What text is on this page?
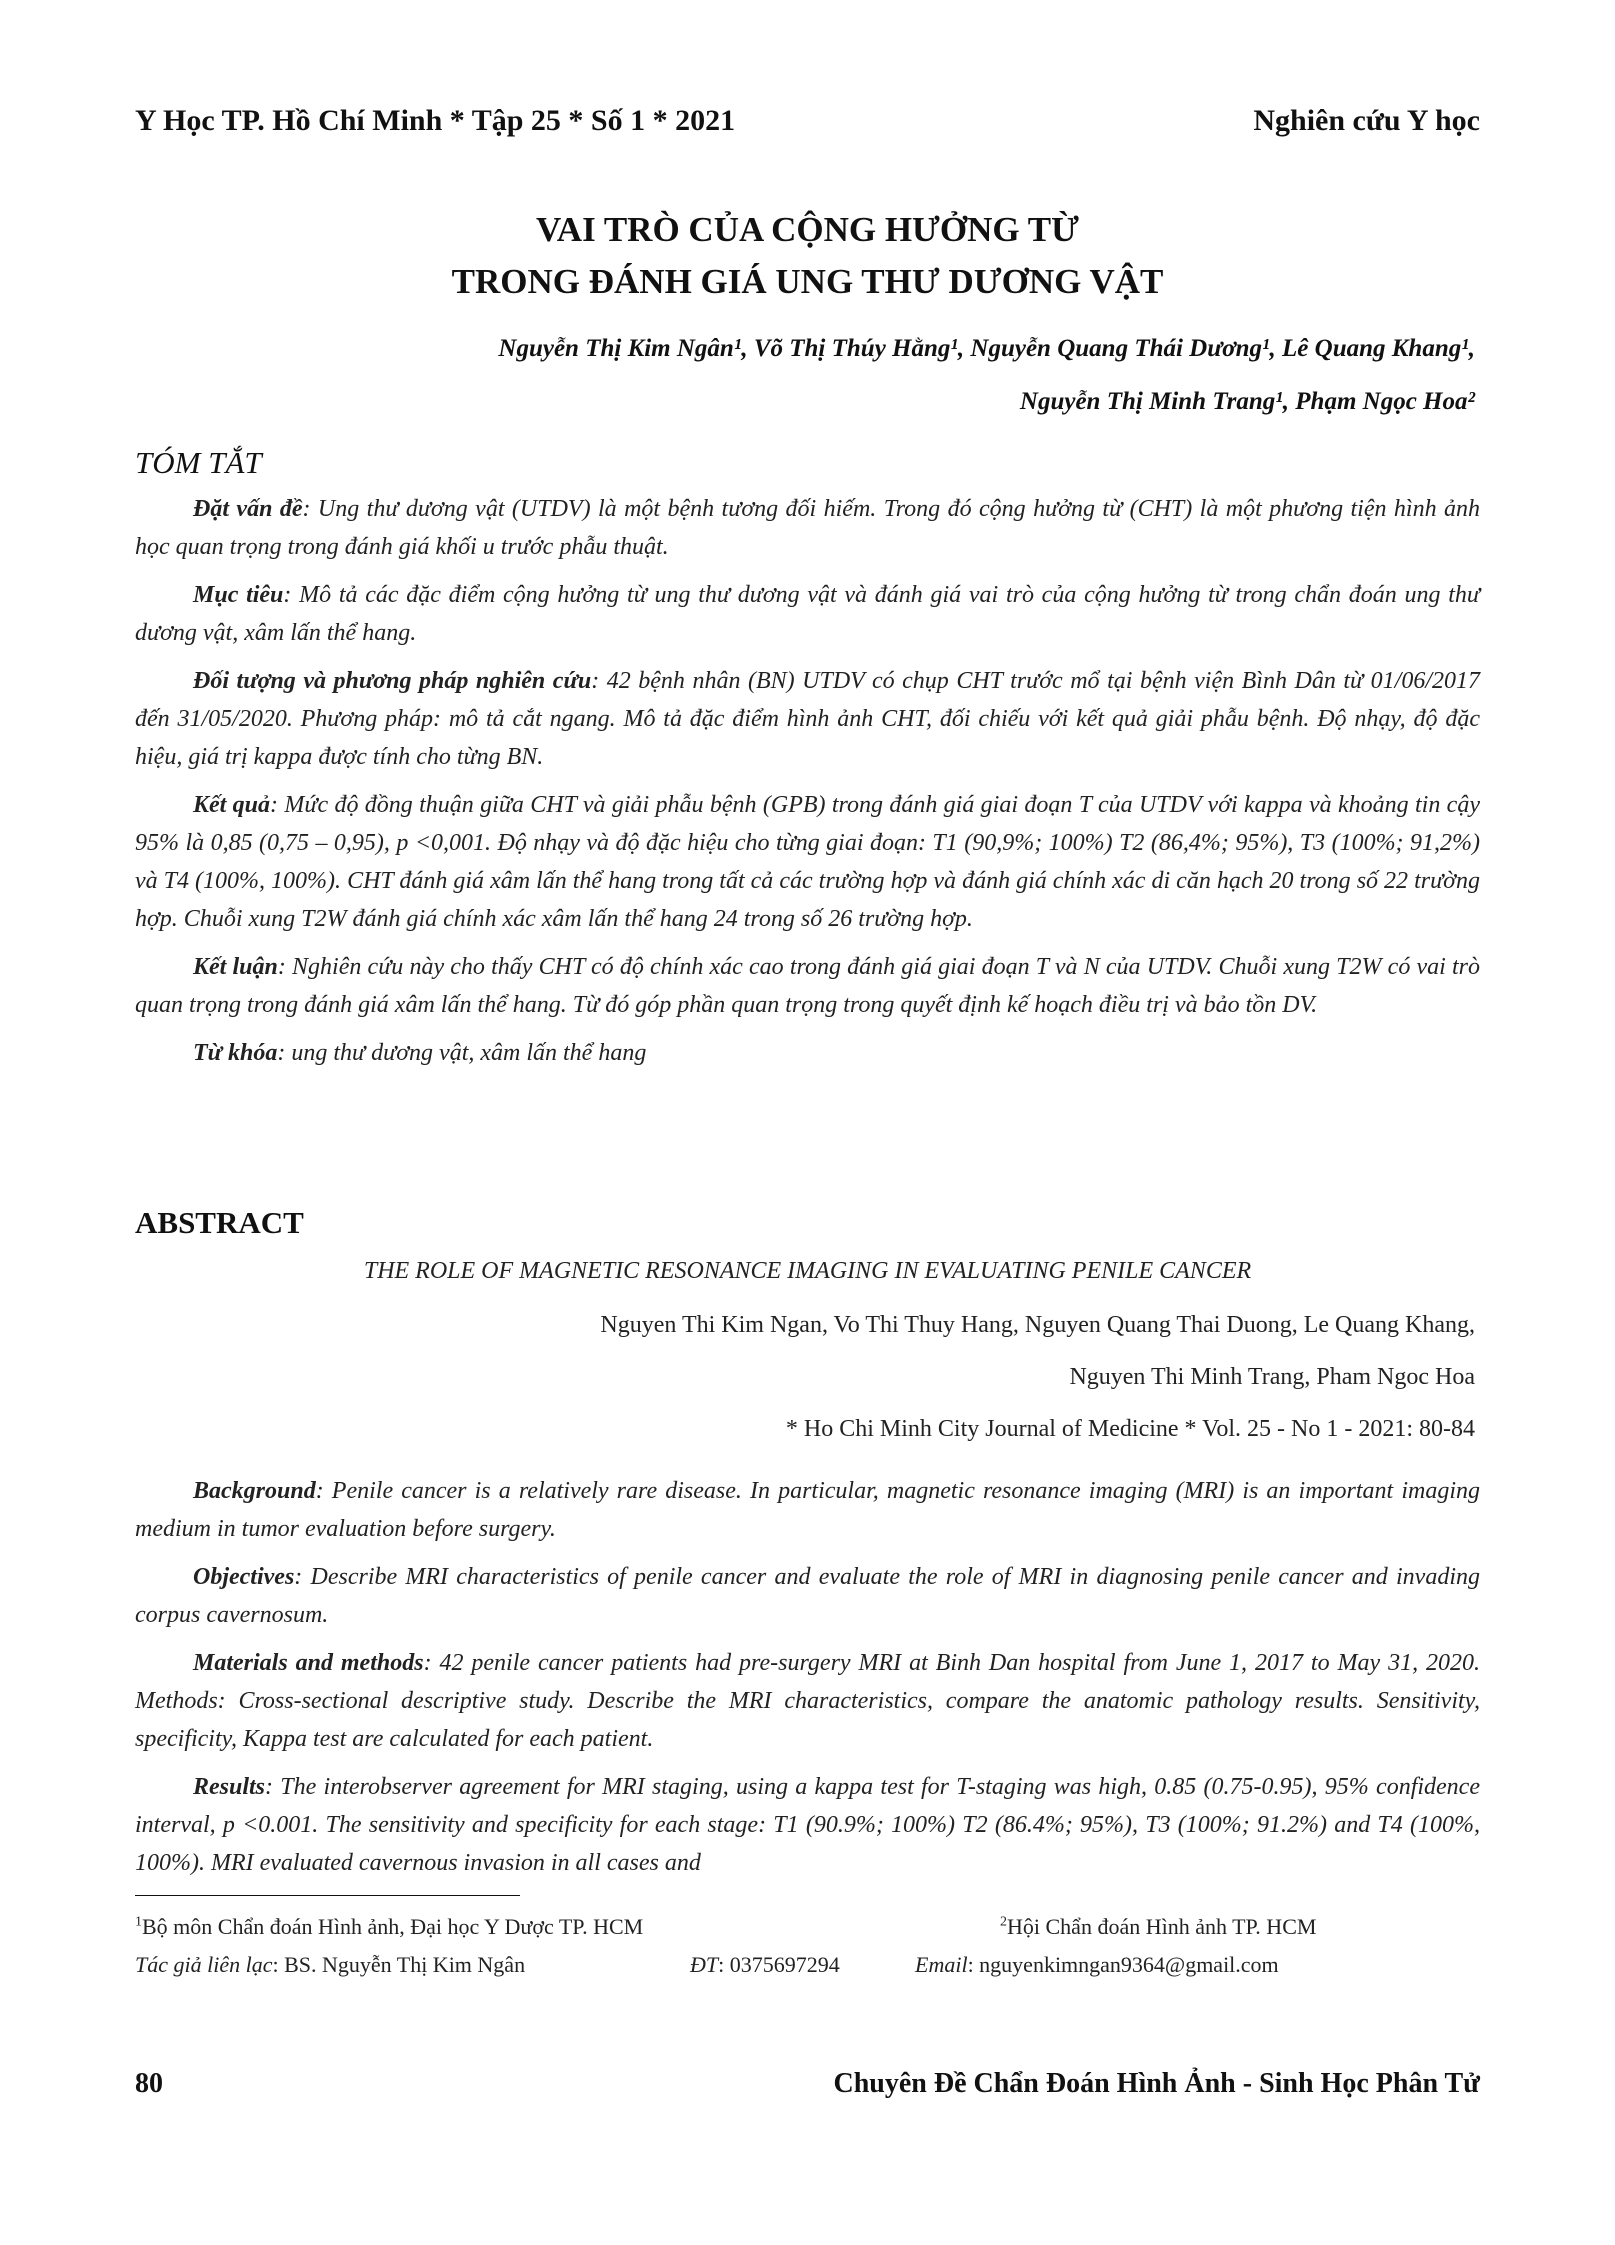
Y Học TP. Hồ Chí Minh * Tập 25 * Số 1 * 2021	Nghiên cứu Y học
VAI TRÒ CỦA CỘNG HƯỞNG TỪ
TRONG ĐÁNH GIÁ UNG THƯ DƯƠNG VẬT
Nguyễn Thị Kim Ngân¹, Võ Thị Thúy Hằng¹, Nguyễn Quang Thái Dương¹, Lê Quang Khang¹,
Nguyễn Thị Minh Trang¹, Phạm Ngọc Hoa²
TÓM TẮT

Đặt vấn đề: Ung thư dương vật (UTDV) là một bệnh tương đối hiếm. Trong đó cộng hưởng từ (CHT) là một phương tiện hình ảnh học quan trọng trong đánh giá khối u trước phẫu thuật.

Mục tiêu: Mô tả các đặc điểm cộng hưởng từ ung thư dương vật và đánh giá vai trò của cộng hưởng từ trong chẩn đoán ung thư dương vật, xâm lấn thể hang.

Đối tượng và phương pháp nghiên cứu: 42 bệnh nhân (BN) UTDV có chụp CHT trước mổ tại bệnh viện Bình Dân từ 01/06/2017 đến 31/05/2020. Phương pháp: mô tả cắt ngang. Mô tả đặc điểm hình ảnh CHT, đối chiếu với kết quả giải phẫu bệnh. Độ nhạy, độ đặc hiệu, giá trị kappa được tính cho từng BN.

Kết quả: Mức độ đồng thuận giữa CHT và giải phẫu bệnh (GPB) trong đánh giá giai đoạn T của UTDV với kappa và khoảng tin cậy 95% là 0,85 (0,75 – 0,95), p <0,001. Độ nhạy và độ đặc hiệu cho từng giai đoạn: T1 (90,9%; 100%) T2 (86,4%; 95%), T3 (100%; 91,2%) và T4 (100%, 100%). CHT đánh giá xâm lấn thể hang trong tất cả các trường hợp và đánh giá chính xác di căn hạch 20 trong số 22 trường hợp. Chuỗi xung T2W đánh giá chính xác xâm lấn thể hang 24 trong số 26 trường hợp.

Kết luận: Nghiên cứu này cho thấy CHT có độ chính xác cao trong đánh giá giai đoạn T và N của UTDV. Chuỗi xung T2W có vai trò quan trọng trong đánh giá xâm lấn thể hang. Từ đó góp phần quan trọng trong quyết định kế hoạch điều trị và bảo tồn DV.

Từ khóa: ung thư dương vật, xâm lấn thể hang

ABSTRACT
THE ROLE OF MAGNETIC RESONANCE IMAGING IN EVALUATING PENILE CANCER
Nguyen Thi Kim Ngan, Vo Thi Thuy Hang, Nguyen Quang Thai Duong, Le Quang Khang,
Nguyen Thi Minh Trang, Pham Ngoc Hoa
* Ho Chi Minh City Journal of Medicine * Vol. 25 - No 1 - 2021: 80-84

Background: Penile cancer is a relatively rare disease. In particular, magnetic resonance imaging (MRI) is an important imaging medium in tumor evaluation before surgery.

Objectives: Describe MRI characteristics of penile cancer and evaluate the role of MRI in diagnosing penile cancer and invading corpus cavernosum.

Materials and methods: 42 penile cancer patients had pre-surgery MRI at Binh Dan hospital from June 1, 2017 to May 31, 2020. Methods: Cross-sectional descriptive study. Describe the MRI characteristics, compare the anatomic pathology results. Sensitivity, specificity, Kappa test are calculated for each patient.

Results: The interobserver agreement for MRI staging, using a kappa test for T-staging was high, 0.85 (0.75-0.95), 95% confidence interval, p <0.001. The sensitivity and specificity for each stage: T1 (90.9%; 100%) T2 (86.4%; 95%), T3 (100%; 91.2%) and T4 (100%, 100%). MRI evaluated cavernous invasion in all cases and

$^1$Bộ môn Chẩn đoán Hình ảnh, Đại học Y Dược TP. HCM	$^2$Hội Chẩn đoán Hình ảnh TP. HCM
Tác giả liên lạc: BS. Nguyễn Thị Kim Ngân	ĐT: 0375697294	Email: nguyenkimngan9364@gmail.com
80	Chuyên Đề Chẩn Đoán Hình Ảnh - Sinh Học Phân Tử
